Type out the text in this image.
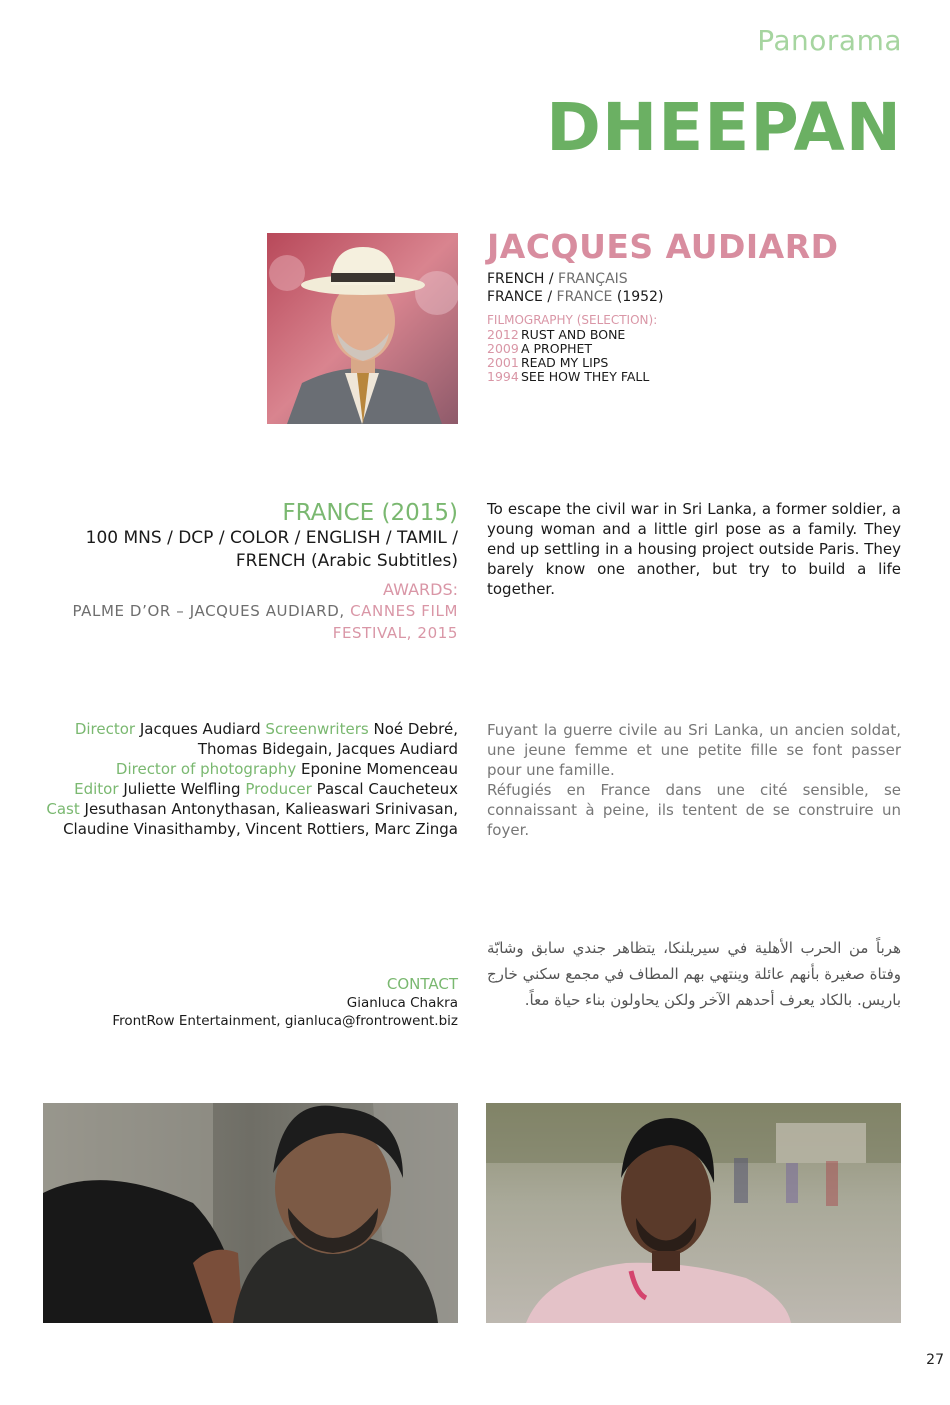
Panorama
DHEEPAN
JACQUES AUDIARD
FRENCH / FRANÇAIS
FRANCE / FRANCE (1952)
FILMOGRAPHY (SELECTION):
2012 RUST AND BONE
2009 A PROPHET
2001 READ MY LIPS
1994 SEE HOW THEY FALL
FRANCE (2015)
100 MNS / DCP / COLOR / ENGLISH / TAMIL /
FRENCH (Arabic Subtitles)
AWARDS:
PALME D’OR – JACQUES AUDIARD, CANNES FILM FESTIVAL, 2015
To escape the civil war in Sri Lanka, a former soldier, a young woman and a little girl pose as a family. They end up settling in a housing project outside Paris. They barely know one another, but try to build a life together.
Fuyant la guerre civile au Sri Lanka, un ancien soldat, une jeune femme et une petite fille se font passer pour une famille.
Réfugiés en France dans une cité sensible, se connaissant à peine, ils tentent de se construire un foyer.
هرباً من الحرب الأهلية في سيريلنكا، يتظاهر جندي سابق وشابّة وفتاة صغيرة بأنهم عائلة وينتهي بهم المطاف في مجمع سكني خارج باريس. بالكاد يعرف أحدهم الآخر ولكن يحاولون بناء حياة معاً.
Director Jacques Audiard Screenwriters Noé Debré,
Thomas Bidegain, Jacques Audiard
Director of photography Eponine Momenceau
Editor Juliette Welfling Producer Pascal Caucheteux
Cast Jesuthasan Antonythasan, Kalieaswari Srinivasan,
Claudine Vinasithamby, Vincent Rottiers, Marc Zinga
CONTACT
Gianluca Chakra
FrontRow Entertainment, gianluca@frontrowent.biz
27
